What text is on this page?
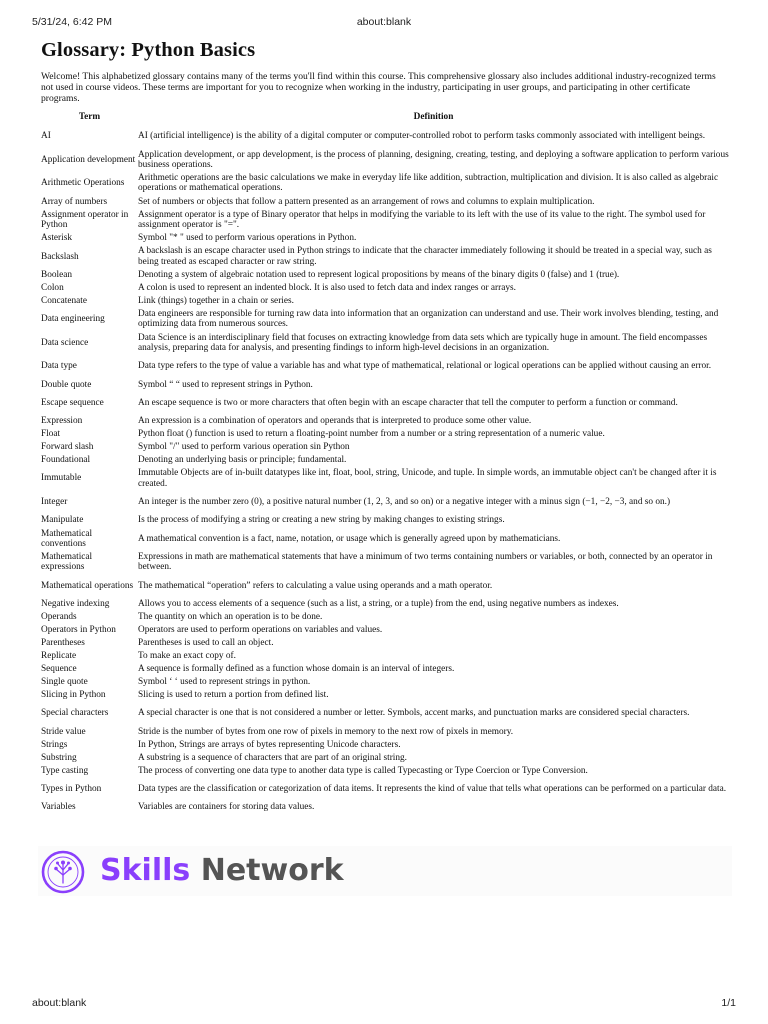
5/31/24, 6:42 PM	about:blank
Glossary: Python Basics

Welcome! This alphabetized glossary contains many of the terms you'll find within this course. This comprehensive glossary also includes additional industry-recognized terms not used in course videos. These terms are important for you to recognize when working in the industry, participating in user groups, and participating in other certificate programs.

Term	Definition
AI	AI (artificial intelligence) is the ability of a digital computer or computer-controlled robot to perform tasks commonly associated with intelligent beings.
Application development	Application development, or app development, is the process of planning, designing, creating, testing, and deploying a software application to perform various business operations.
Arithmetic Operations	Arithmetic operations are the basic calculations we make in everyday life like addition, subtraction, multiplication and division. It is also called as algebraic operations or mathematical operations.
Array of numbers	Set of numbers or objects that follow a pattern presented as an arrangement of rows and columns to explain multiplication.
Assignment operator in Python	Assignment operator is a type of Binary operator that helps in modifying the variable to its left with the use of its value to the right. The symbol used for assignment operator is "=".
Asterisk	Symbol "* " used to perform various operations in Python.
Backslash	A backslash is an escape character used in Python strings to indicate that the character immediately following it should be treated in a special way, such as being treated as escaped character or raw string.
Boolean	Denoting a system of algebraic notation used to represent logical propositions by means of the binary digits 0 (false) and 1 (true).
Colon	A colon is used to represent an indented block. It is also used to fetch data and index ranges or arrays.
Concatenate	Link (things) together in a chain or series.
Data engineering	Data engineers are responsible for turning raw data into information that an organization can understand and use. Their work involves blending, testing, and optimizing data from numerous sources.
Data science	Data Science is an interdisciplinary field that focuses on extracting knowledge from data sets which are typically huge in amount. The field encompasses analysis, preparing data for analysis, and presenting findings to inform high-level decisions in an organization.
Data type	Data type refers to the type of value a variable has and what type of mathematical, relational or logical operations can be applied without causing an error.
Double quote	Symbol “ “ used to represent strings in Python.
Escape sequence	An escape sequence is two or more characters that often begin with an escape character that tell the computer to perform a function or command.
Expression	An expression is a combination of operators and operands that is interpreted to produce some other value.
Float	Python float () function is used to return a floating-point number from a number or a string representation of a numeric value.
Forward slash	Symbol "/" used to perform various operation sin Python
Foundational	Denoting an underlying basis or principle; fundamental.
Immutable	Immutable Objects are of in-built datatypes like int, float, bool, string, Unicode, and tuple. In simple words, an immutable object can't be changed after it is created.
Integer	An integer is the number zero (0), a positive natural number (1, 2, 3, and so on) or a negative integer with a minus sign (−1, −2, −3, and so on.)
Manipulate	Is the process of modifying a string or creating a new string by making changes to existing strings.
Mathematical conventions	A mathematical convention is a fact, name, notation, or usage which is generally agreed upon by mathematicians.
Mathematical expressions	Expressions in math are mathematical statements that have a minimum of two terms containing numbers or variables, or both, connected by an operator in between.
Mathematical operations	The mathematical “operation” refers to calculating a value using operands and a math operator.
Negative indexing	Allows you to access elements of a sequence (such as a list, a string, or a tuple) from the end, using negative numbers as indexes.
Operands	The quantity on which an operation is to be done.
Operators in Python	Operators are used to perform operations on variables and values.
Parentheses	Parentheses is used to call an object.
Replicate	To make an exact copy of.
Sequence	A sequence is formally defined as a function whose domain is an interval of integers.
Single quote	Symbol ‘ ‘ used to represent strings in python.
Slicing in Python	Slicing is used to return a portion from defined list.
Special characters	A special character is one that is not considered a number or letter. Symbols, accent marks, and punctuation marks are considered special characters.
Stride value	Stride is the number of bytes from one row of pixels in memory to the next row of pixels in memory.
Strings	In Python, Strings are arrays of bytes representing Unicode characters.
Substring	A substring is a sequence of characters that are part of an original string.
Type casting	The process of converting one data type to another data type is called Typecasting or Type Coercion or Type Conversion.
Types in Python	Data types are the classification or categorization of data items. It represents the kind of value that tells what operations can be performed on a particular data.
Variables	Variables are containers for storing data values.
Skills Network
about:blank	1/1
